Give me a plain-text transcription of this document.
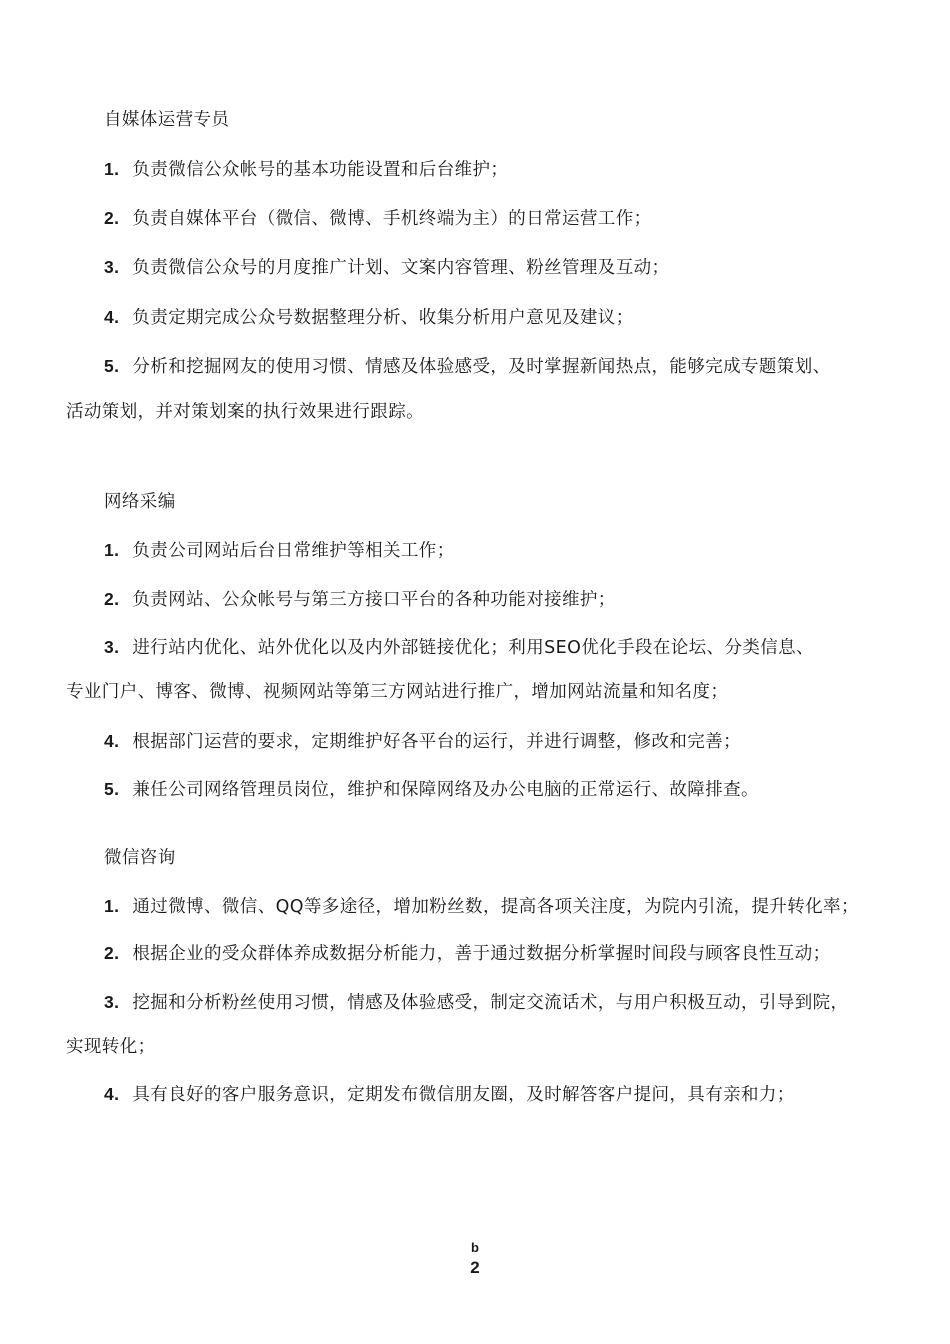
自媒体运营专员
1. 负责微信公众帐号的基本功能设置和后台维护；
2. 负责自媒体平台（微信、微博、手机终端为主）的日常运营工作；
3. 负责微信公众号的月度推广计划、文案内容管理、粉丝管理及互动；
4. 负责定期完成公众号数据整理分析、收集分析用户意见及建议；
5. 分析和挖掘网友的使用习惯、情感及体验感受，及时掌握新闻热点，能够完成专题策划、
活动策划，并对策划案的执行效果进行跟踪。
网络采编
1. 负责公司网站后台日常维护等相关工作；
2. 负责网站、公众帐号与第三方接口平台的各种功能对接维护；
3. 进行站内优化、站外优化以及内外部链接优化；利用SEO优化手段在论坛、分类信息、
专业门户、博客、微博、视频网站等第三方网站进行推广，增加网站流量和知名度；
4. 根据部门运营的要求，定期维护好各平台的运行，并进行调整，修改和完善；
5. 兼任公司网络管理员岗位，维护和保障网络及办公电脑的正常运行、故障排查。
微信咨询
1. 通过微博、微信、QQ等多途径，增加粉丝数，提高各项关注度，为院内引流，提升转化率；
2. 根据企业的受众群体养成数据分析能力，善于通过数据分析掌握时间段与顾客良性互动；
3. 挖掘和分析粉丝使用习惯，情感及体验感受，制定交流话术，与用户积极互动，引导到院，
实现转化；
4. 具有良好的客户服务意识，定期发布微信朋友圈，及时解答客户提问，具有亲和力；
b
2
